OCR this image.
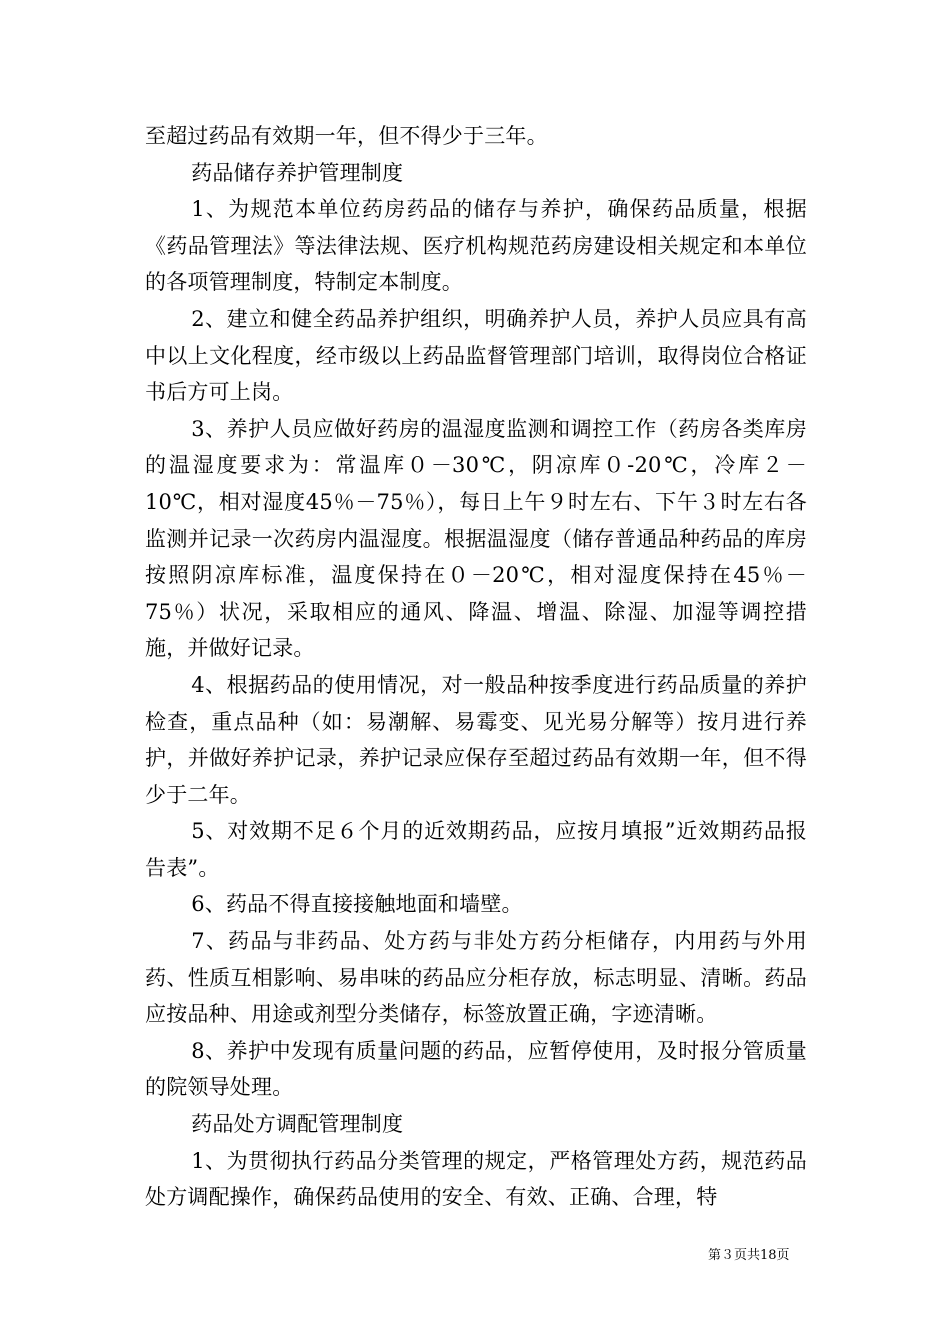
至超过药品有效期一年，但不得少于三年。

药品储存养护管理制度

1、为规范本单位药房药品的储存与养护，确保药品质量，根据《药品管理法》等法律法规、医疗机构规范药房建设相关规定和本单位的各项管理制度，特制定本制度。

2、建立和健全药品养护组织，明确养护人员，养护人员应具有高中以上文化程度，经市级以上药品监督管理部门培训，取得岗位合格证书后方可上岗。

3、养护人员应做好药房的温湿度监测和调控工作（药房各类库房的温湿度要求为：常温库０－30℃，阴凉库０-20℃，冷库２－10℃，相对湿度45％－75％），每日上午９时左右、下午３时左右各监测并记录一次药房内温湿度。根据温湿度（储存普通品种药品的库房按照阴凉库标准，温度保持在０－20℃，相对湿度保持在45％－75％）状况，采取相应的通风、降温、增温、除湿、加湿等调控措施，并做好记录。

4、根据药品的使用情况，对一般品种按季度进行药品质量的养护检查，重点品种（如：易潮解、易霉变、见光易分解等）按月进行养护，并做好养护记录，养护记录应保存至超过药品有效期一年，但不得少于二年。

5、对效期不足６个月的近效期药品，应按月填报”近效期药品报告表”。

6、药品不得直接接触地面和墙壁。

7、药品与非药品、处方药与非处方药分柜储存，内用药与外用药、性质互相影响、易串味的药品应分柜存放，标志明显、清晰。药品应按品种、用途或剂型分类储存，标签放置正确，字迹清晰。

8、养护中发现有质量问题的药品，应暂停使用，及时报分管质量的院领导处理。

药品处方调配管理制度

1、为贯彻执行药品分类管理的规定，严格管理处方药，规范药品处方调配操作，确保药品使用的安全、有效、正确、合理，特

第３页共18页
